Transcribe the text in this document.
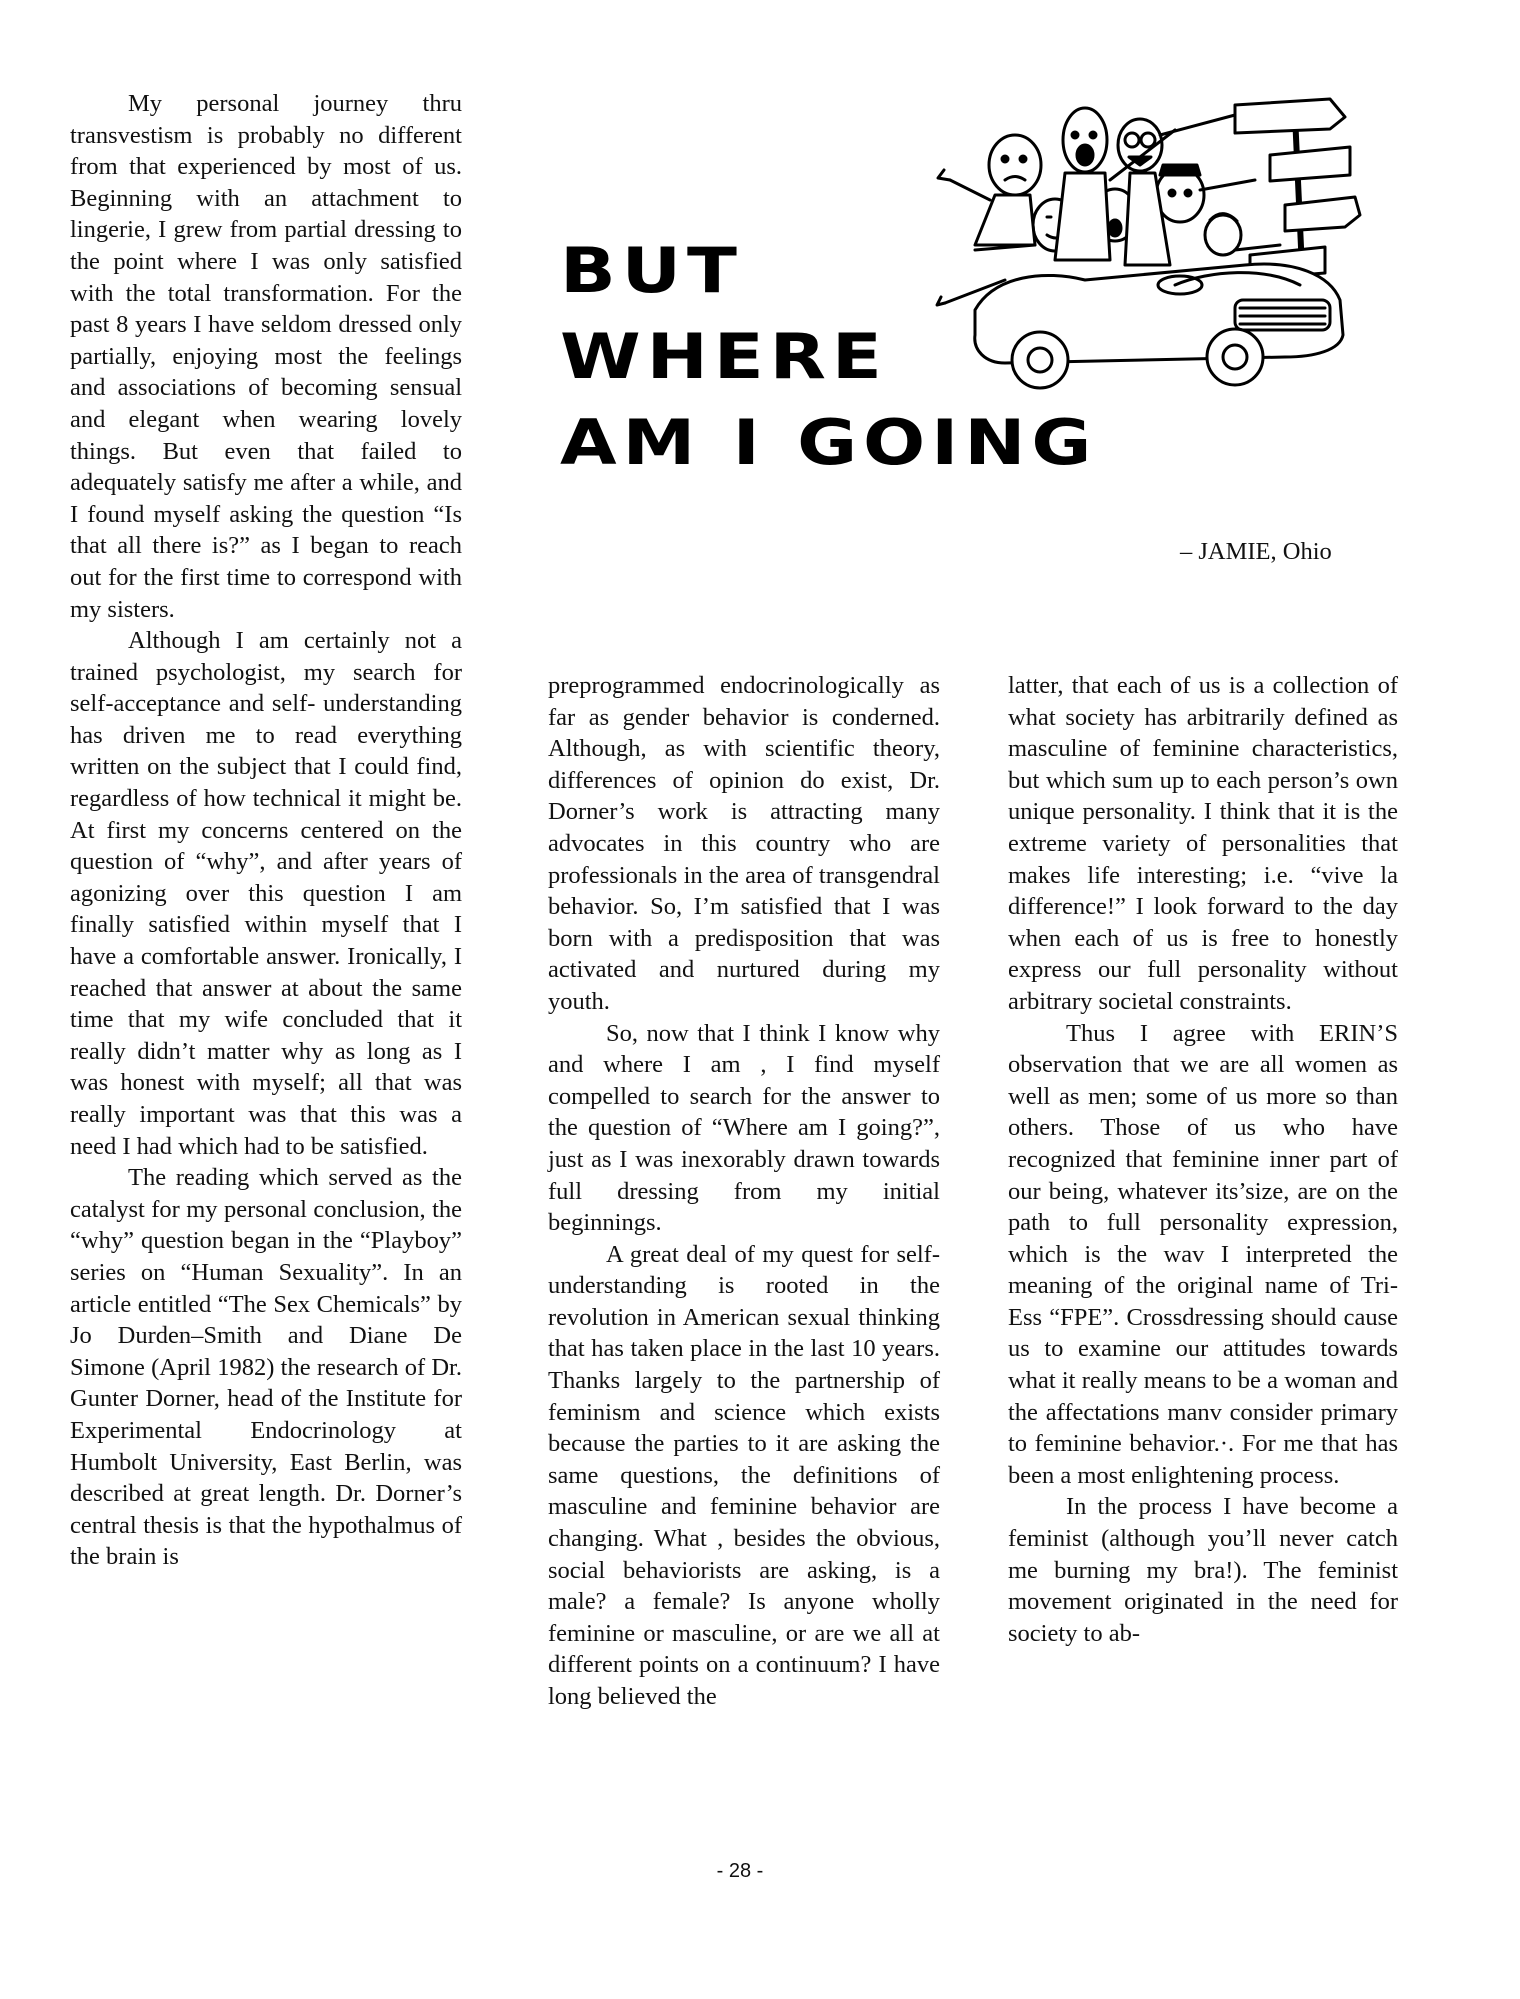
BUT
WHERE
AM I GOING
– JAMIE, Ohio

My personal journey thru transvestism is probably no different from that experienced by most of us. Beginning with an attachment to lingerie, I grew from partial dressing to the point where I was only satisfied with the total transformation. For the past 8 years I have seldom dressed only partially, enjoying most the feelings and associations of becoming sensual and elegant when wearing lovely things. But even that failed to adequately satisfy me after a while, and I found myself asking the question “Is that all there is?” as I began to reach out for the first time to correspond with my sisters.

Although I am certainly not a trained psychologist, my search for self-acceptance and self- understanding has driven me to read everything written on the subject that I could find, regardless of how technical it might be. At first my concerns centered on the question of “why”, and after years of agonizing over this question I am finally satisfied within myself that I have a comfortable answer. Ironically, I reached that answer at about the same time that my wife concluded that it really didn’t matter why as long as I was honest with myself; all that was really important was that this was a need I had which had to be satisfied.

The reading which served as the catalyst for my personal conclusion, the “why” question began in the “Playboy” series on “Human Sexuality”. In an article entitled “The Sex Chemicals” by Jo Durden–Smith and Diane De Simone (April 1982) the research of Dr. Gunter Dorner, head of the Institute for Experimental Endocrinology at Humbolt University, East Berlin, was described at great length. Dr. Dorner’s central thesis is that the hypothalmus of the brain is

preprogrammed endocrinologically as far as gender behavior is conderned. Although, as with scientific theory, differences of opinion do exist, Dr. Dorner’s work is attracting many advocates in this country who are professionals in the area of transgendral behavior. So, I’m satisfied that I was born with a predisposition that was activated and nurtured during my youth.

So, now that I think I know why and where I am , I find myself compelled to search for the answer to the question of “Where am I going?”, just as I was inexorably drawn towards full dressing from my initial beginnings.

A great deal of my quest for self-understanding is rooted in the revolution in American sexual thinking that has taken place in the last 10 years. Thanks largely to the partnership of feminism and science which exists because the parties to it are asking the same questions, the definitions of masculine and feminine behavior are changing. What , besides the obvious, social behaviorists are asking, is a male? a female? Is anyone wholly feminine or masculine, or are we all at different points on a continuum? I have long believed the

latter, that each of us is a collection of what society has arbitrarily defined as masculine of feminine characteristics, but which sum up to each person’s own unique personality. I think that it is the extreme variety of personalities that makes life interesting; i.e. “vive la difference!” I look forward to the day when each of us is free to honestly express our full personality without arbitrary societal constraints.

Thus I agree with ERIN’S observation that we are all women as well as men; some of us more so than others. Those of us who have recognized that feminine inner part of our being, whatever its’size, are on the path to full personality expression, which is the wav I interpreted the meaning of the original name of Tri-Ess “FPE”. Crossdressing should cause us to examine our attitudes towards what it really means to be a woman and the affectations manv consider primary to feminine behavior.·. For me that has been a most enlightening process.

In the process I have become a feminist (although you’ll never catch me burning my bra!). The feminist movement originated in the need for society to ab-

- 28 -
